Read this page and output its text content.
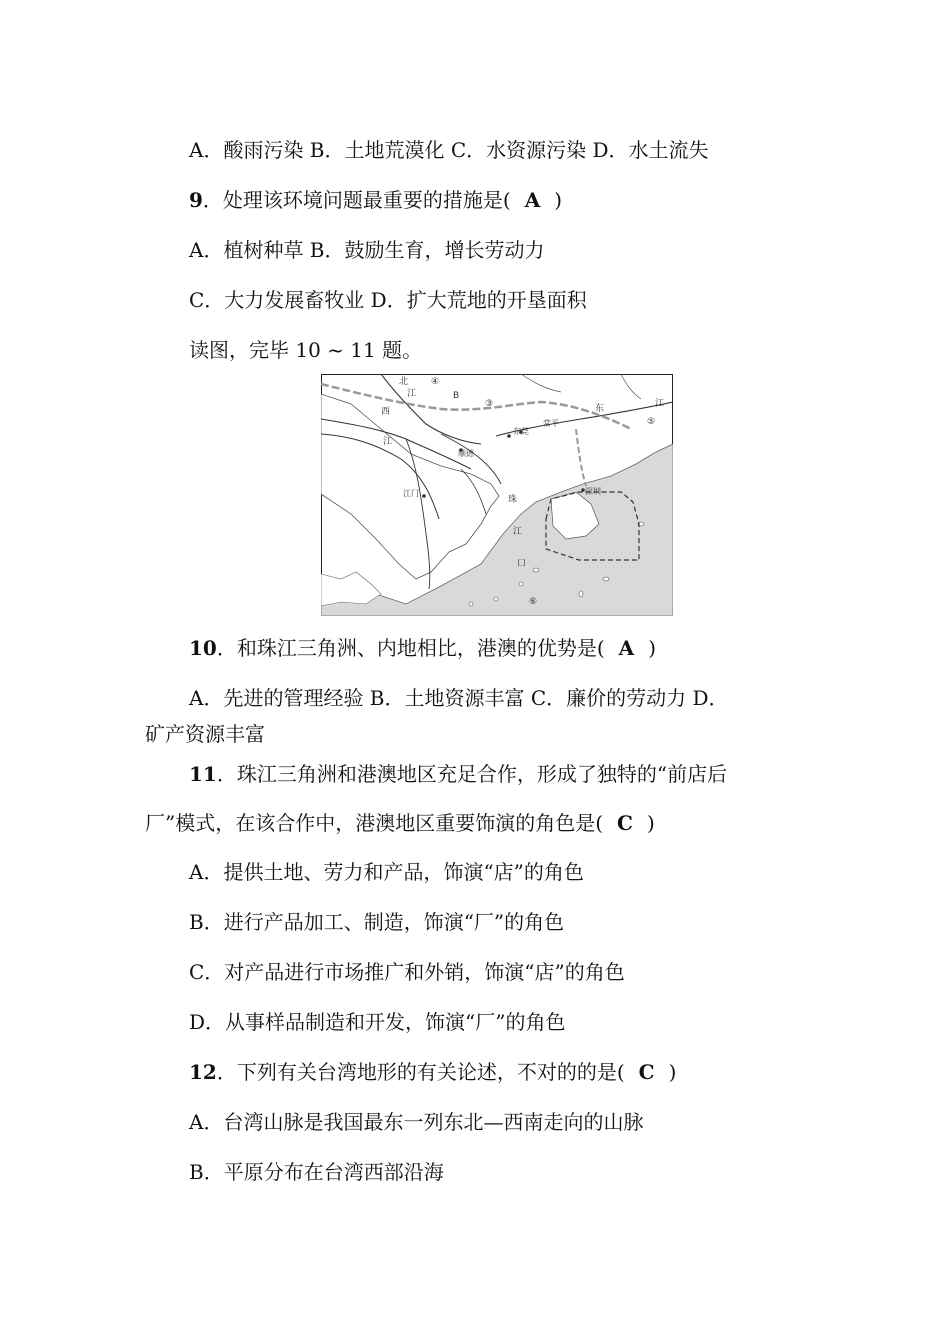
A．酸雨污染 B．土地荒漠化 C．水资源污染 D．水土流失
9．处理该环境问题最重要的措施是( A )
A．植树种草 B．鼓励生育，增长劳动力
C．大力发展畜牧业 D．扩大荒地的开垦面积
读图，完毕 10 ~ 11 题。
北
江
西
江
东	江
珠
江
口
B
③
④
⑤
⑥
东莞
常平
顺德
江门	深圳
10．和珠江三角洲、内地相比，港澳的优势是( A )
A．先进的管理经验 B．土地资源丰富 C．廉价的劳动力 D．
矿产资源丰富
11．珠江三角洲和港澳地区充足合作，形成了独特的“前店后
厂”模式，在该合作中，港澳地区重要饰演的角色是( C )
A．提供土地、劳力和产品，饰演“店”的角色
B．进行产品加工、制造，饰演“厂”的角色
C．对产品进行市场推广和外销，饰演“店”的角色
D．从事样品制造和开发，饰演“厂”的角色
12．下列有关台湾地形的有关论述，不对的的是( C )
A．台湾山脉是我国最东一列东北—西南走向的山脉
B．平原分布在台湾西部沿海
